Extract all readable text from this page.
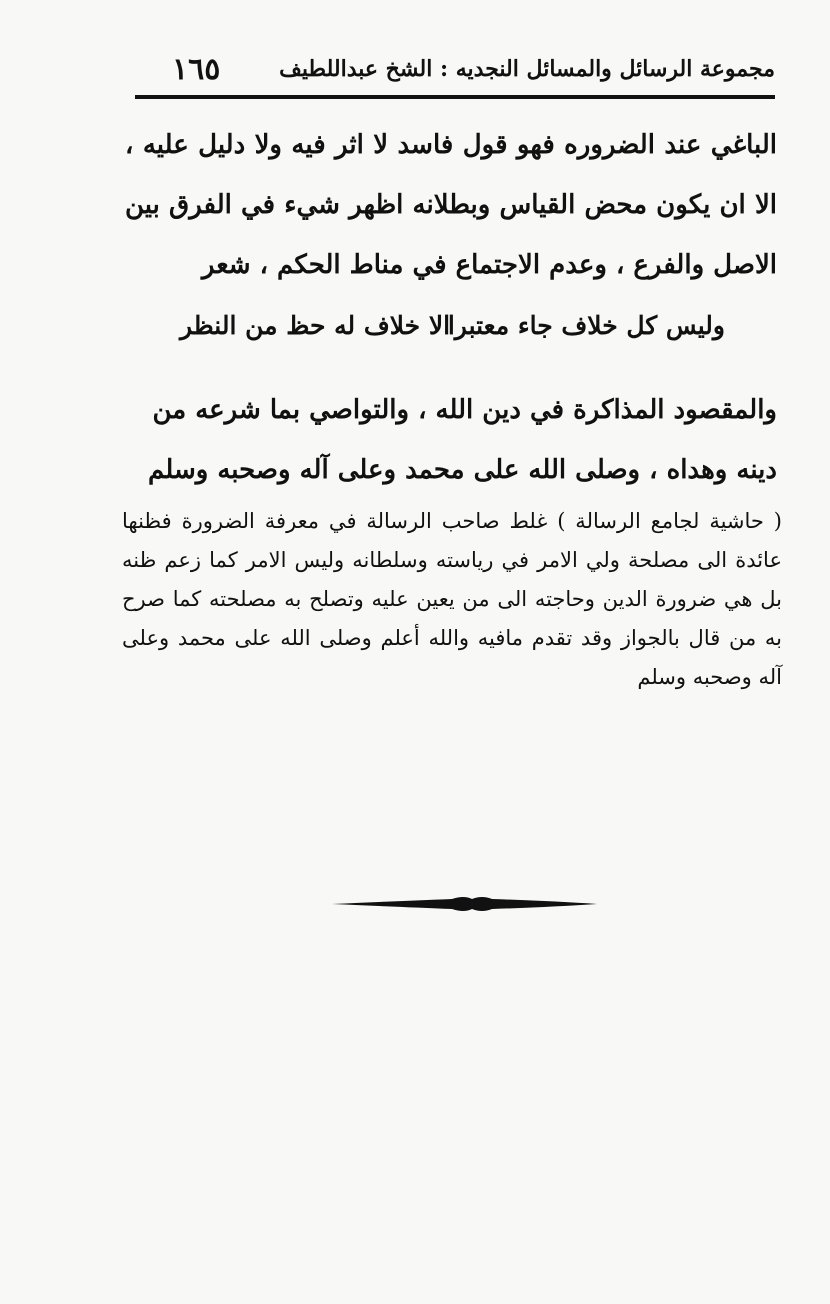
مجموعة الرسائل والمسائل النجديه : الشخ عبداللطيف
١٦٥

الباغي عند الضروره فهو قول فاسد لا اثر فيه ولا دليل عليه ، الا ان يكون محض القياس وبطلانه اظهر شيء في الفرق بين الاصل والفرع ، وعدم الاجتماع في مناط الحكم ، شعر

وليس كل خلاف جاء معتبرا
الا خلاف له حظ من النظر

والمقصود المذاكرة في دين الله ، والتواصي بما شرعه من دينه وهداه ، وصلى الله على محمد وعلى آله وصحبه وسلم

( حاشية لجامع الرسالة ) غلط صاحب الرسالة في معرفة الضرورة فظنها عائدة الى مصلحة ولي الامر في رياسته وسلطانه وليس الامر كما زعم ظنه بل هي ضرورة الدين وحاجته الى من يعين عليه وتصلح به مصلحته كما صرح به من قال بالجواز وقد تقدم مافيه والله أعلم وصلى الله على محمد وعلى آله وصحبه وسلم
